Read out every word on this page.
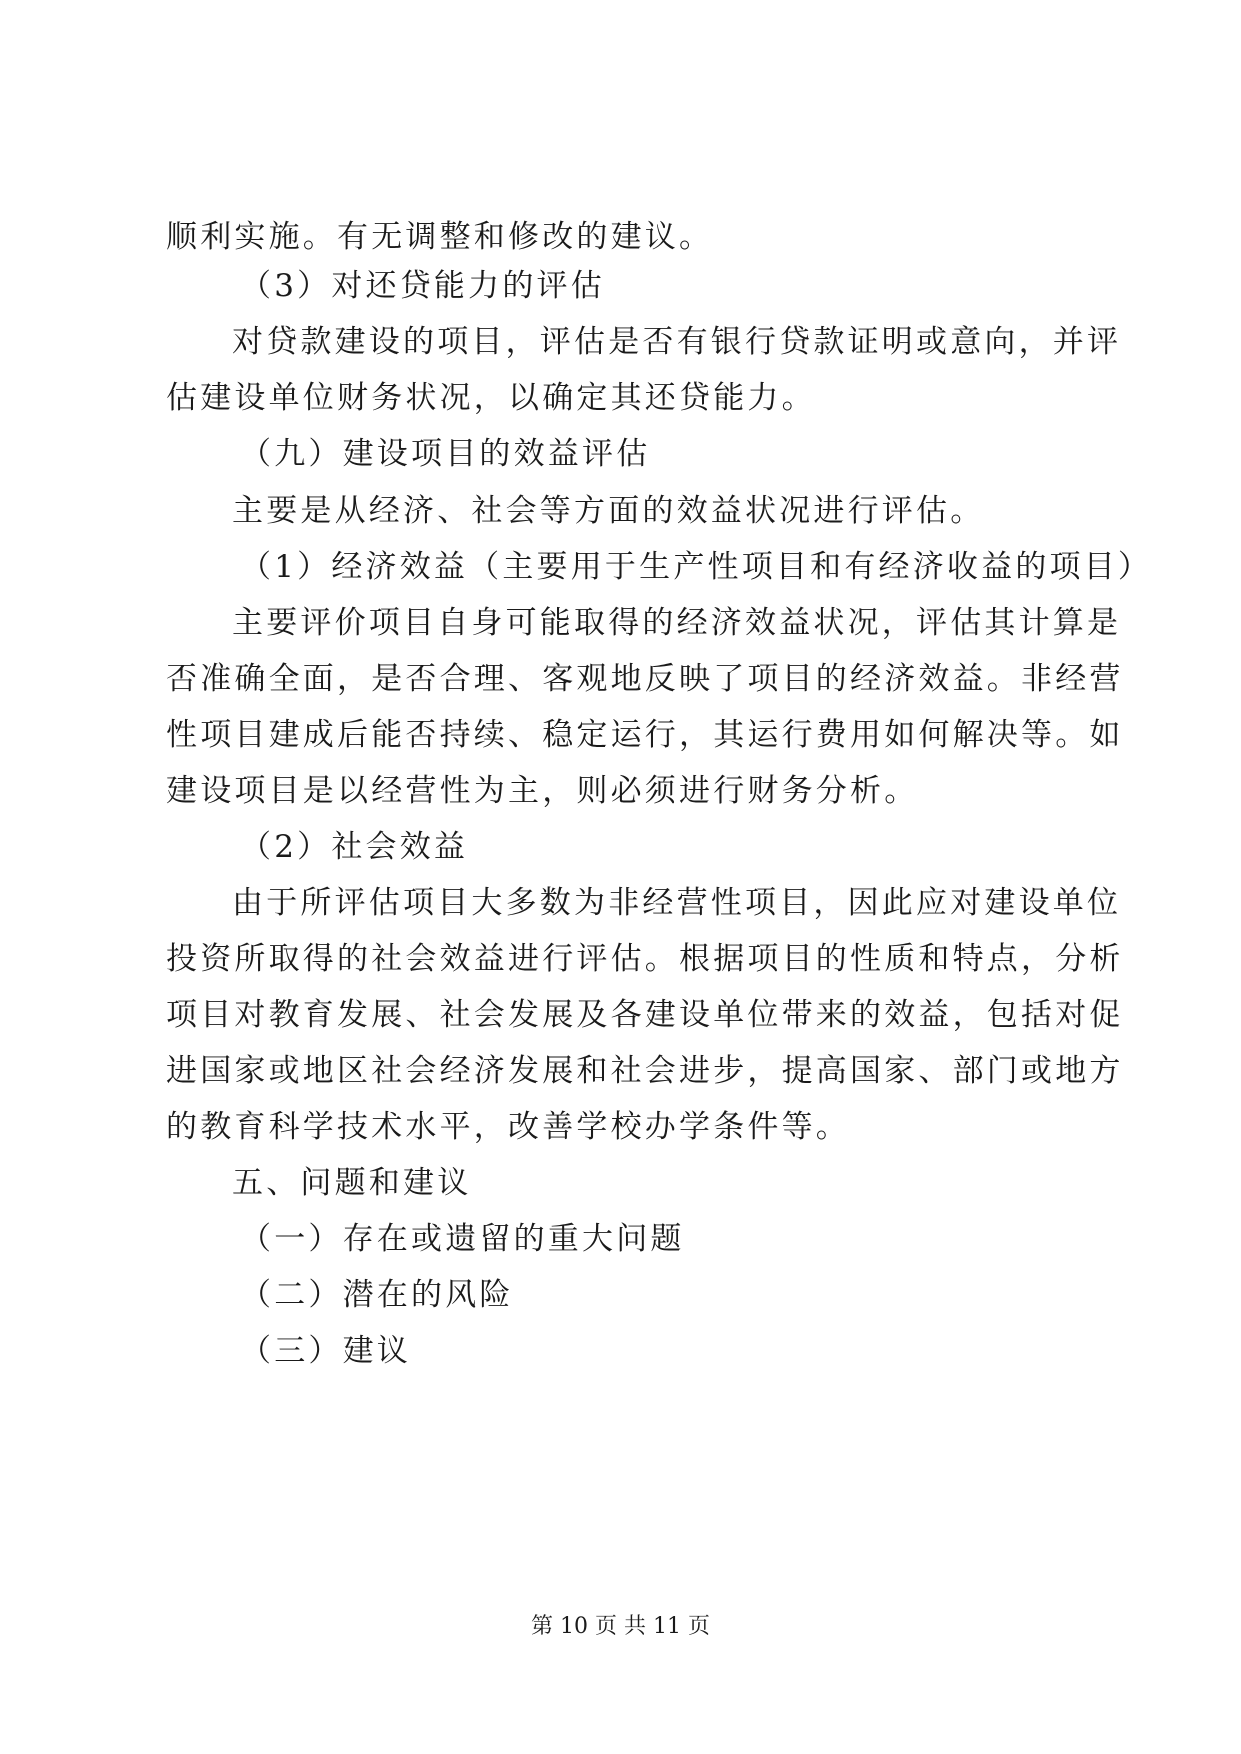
顺利实施。有无调整和修改的建议。
（3）对还贷能力的评估
对贷款建设的项目，评估是否有银行贷款证明或意向，并评
估建设单位财务状况，以确定其还贷能力。
（九）建设项目的效益评估
主要是从经济、社会等方面的效益状况进行评估。
（1）经济效益（主要用于生产性项目和有经济收益的项目）
主要评价项目自身可能取得的经济效益状况，评估其计算是
否准确全面，是否合理、客观地反映了项目的经济效益。非经营
性项目建成后能否持续、稳定运行，其运行费用如何解决等。如
建设项目是以经营性为主，则必须进行财务分析。
（2）社会效益
由于所评估项目大多数为非经营性项目，因此应对建设单位
投资所取得的社会效益进行评估。根据项目的性质和特点，分析
项目对教育发展、社会发展及各建设单位带来的效益，包括对促
进国家或地区社会经济发展和社会进步，提高国家、部门或地方
的教育科学技术水平，改善学校办学条件等。
五、问题和建议
（一）存在或遗留的重大问题
（二）潜在的风险
（三）建议
第 10 页 共 11 页
